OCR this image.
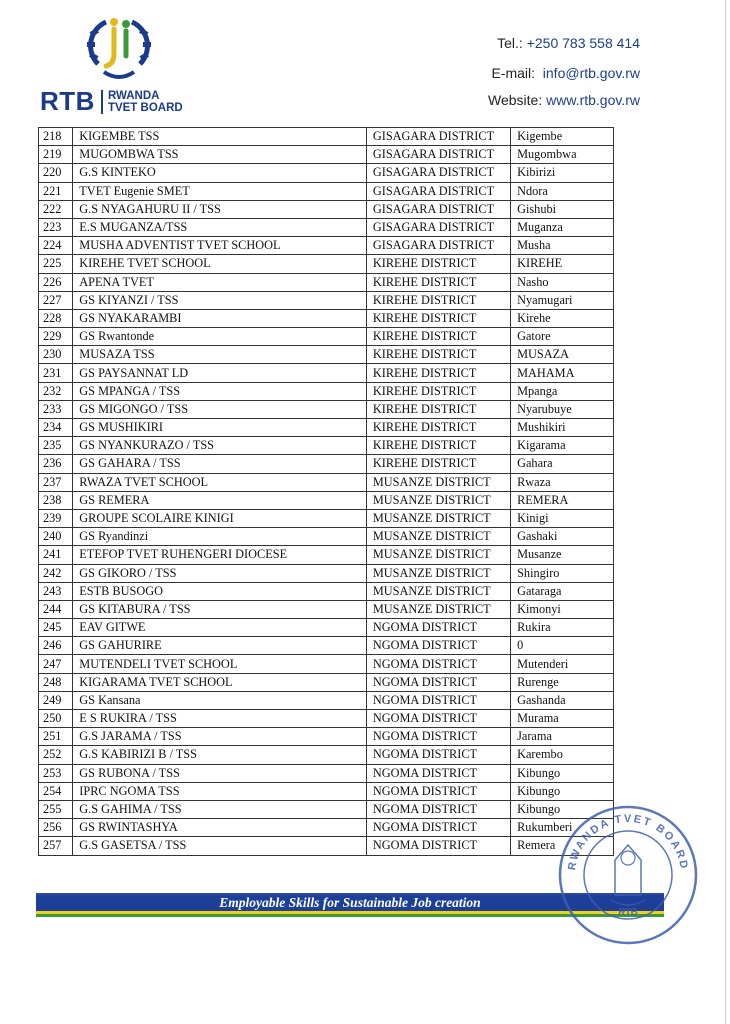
RTB RWANDA
TVET BOARD
Tel.: +250 783 558 414
E-mail: info@rtb.gov.rw
Website: www.rtb.gov.rw
218	KIGEMBE TSS	GISAGARA DISTRICT	Kigembe
219	MUGOMBWA TSS	GISAGARA DISTRICT	Mugombwa
220	G.S KINTEKO	GISAGARA DISTRICT	Kibirizi
221	TVET Eugenie SMET	GISAGARA DISTRICT	Ndora
222	G.S NYAGAHURU II / TSS	GISAGARA DISTRICT	Gishubi
223	E.S MUGANZA/TSS	GISAGARA DISTRICT	Muganza
224	MUSHA ADVENTIST TVET SCHOOL	GISAGARA DISTRICT	Musha
225	KIREHE TVET SCHOOL	KIREHE DISTRICT	KIREHE
226	APENA TVET	KIREHE DISTRICT	Nasho
227	GS KIYANZI / TSS	KIREHE DISTRICT	Nyamugari
228	GS NYAKARAMBI	KIREHE DISTRICT	Kirehe
229	GS Rwantonde	KIREHE DISTRICT	Gatore
230	MUSAZA TSS	KIREHE DISTRICT	MUSAZA
231	GS PAYSANNAT LD	KIREHE DISTRICT	MAHAMA
232	GS MPANGA / TSS	KIREHE DISTRICT	Mpanga
233	GS MIGONGO / TSS	KIREHE DISTRICT	Nyarubuye
234	GS MUSHIKIRI	KIREHE DISTRICT	Mushikiri
235	GS NYANKURAZO / TSS	KIREHE DISTRICT	Kigarama
236	GS GAHARA / TSS	KIREHE DISTRICT	Gahara
237	RWAZA TVET SCHOOL	MUSANZE DISTRICT	Rwaza
238	GS REMERA	MUSANZE DISTRICT	REMERA
239	GROUPE SCOLAIRE KINIGI	MUSANZE DISTRICT	Kinigi
240	GS Ryandinzi	MUSANZE DISTRICT	Gashaki
241	ETEFOP TVET RUHENGERI DIOCESE	MUSANZE DISTRICT	Musanze
242	GS GIKORO / TSS	MUSANZE DISTRICT	Shingiro
243	ESTB BUSOGO	MUSANZE DISTRICT	Gataraga
244	GS KITABURA / TSS	MUSANZE DISTRICT	Kimonyi
245	EAV GITWE	NGOMA DISTRICT	Rukira
246	GS GAHURIRE	NGOMA DISTRICT	0
247	MUTENDELI TVET SCHOOL	NGOMA DISTRICT	Mutenderi
248	KIGARAMA TVET SCHOOL	NGOMA DISTRICT	Rurenge
249	GS Kansana	NGOMA DISTRICT	Gashanda
250	E S RUKIRA / TSS	NGOMA DISTRICT	Murama
251	G.S JARAMA / TSS	NGOMA DISTRICT	Jarama
252	G.S KABIRIZI B / TSS	NGOMA DISTRICT	Karembo
253	GS RUBONA / TSS	NGOMA DISTRICT	Kibungo
254	IPRC NGOMA TSS	NGOMA DISTRICT	Kibungo
255	G.S GAHIMA / TSS	NGOMA DISTRICT	Kibungo
256	GS RWINTASHYA	NGOMA DISTRICT	Rukumberi
257	G.S GASETSA / TSS	NGOMA DISTRICT	Remera
Employable Skills for Sustainable Job creation
RWANDA TVET BOARD
RTB
